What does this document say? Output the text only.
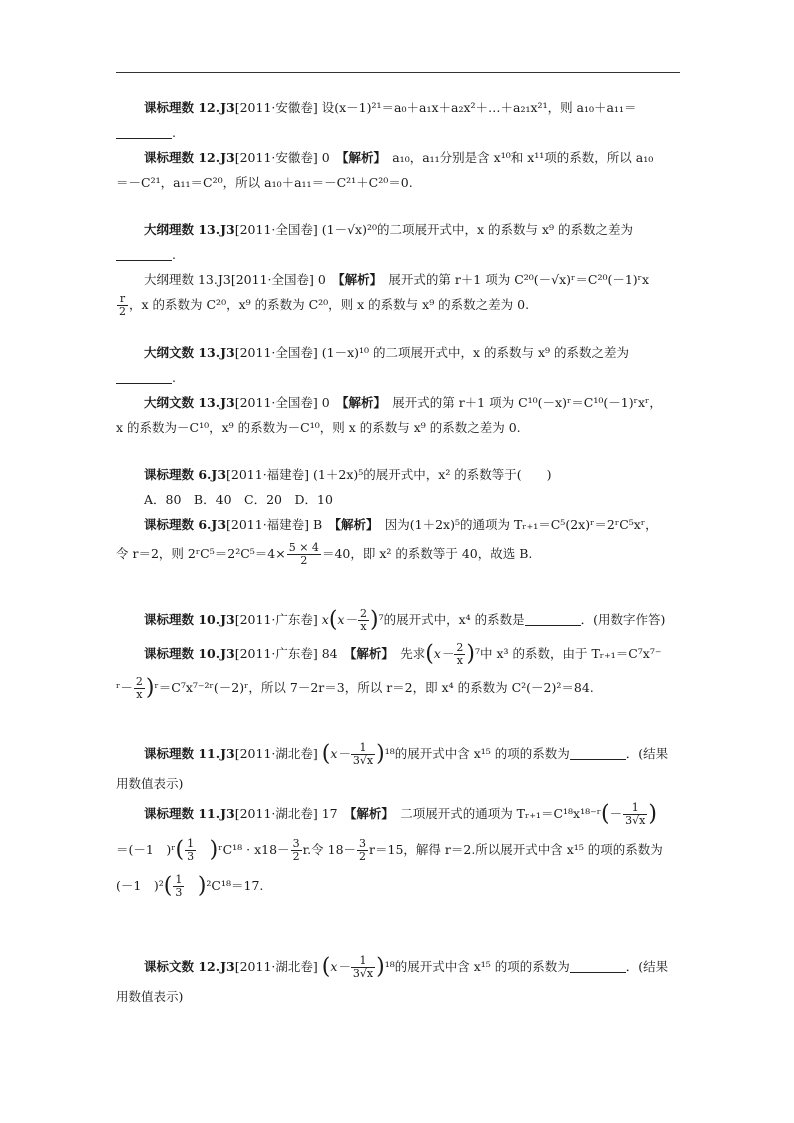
课标理数 12.J3[2011·安徽卷] 设(x－1)²¹＝a₀＋a₁x＋a₂x²＋…＋a₂₁x²¹，则 a₁₀＋a₁₁＝
.
课标理数 12.J3[2011·安徽卷] 0　 【解析】　 a₁₀，a₁₁分别是含 x¹⁰和 x¹¹项的系数，所以 a₁₀
＝－C²¹，a₁₁＝C²⁰，所以 a₁₀＋a₁₁＝－C²¹＋C²⁰＝0.
大纲理数 13.J3[2011·全国卷] (1－√x)²⁰的二项展开式中，x 的系数与 x⁹ 的系数之差为
.
大纲理数 13.J3[2011·全国卷] 0　 【解析】　 展开式的第 r＋1 项为 C²⁰(－√x)ʳ＝C²⁰(－1)ʳx
$\frac{r}{2}$ ，x 的系数为 C²⁰，x⁹ 的系数为 C²⁰，则 x 的系数与 x⁹ 的系数之差为 0.
大纲文数 13.J3[2011·全国卷] (1－x)¹⁰ 的二项展开式中，x 的系数与 x⁹ 的系数之差为
.
大纲文数 13.J3[2011·全国卷] 0　 【解析】　 展开式的第 r＋1 项为 C¹⁰(－x)ʳ＝C¹⁰(－1)ʳxʳ，
x 的系数为－C¹⁰，x⁹ 的系数为－C¹⁰，则 x 的系数与 x⁹ 的系数之差为 0.
课标理数 6.J3[2011·福建卷] (1＋2x)⁵的展开式中，x² 的系数等于(　　)
A．80　B．40　C．20　D．10
课标理数 6.J3[2011·福建卷] B　 【解析】　 因为(1＋2x)⁵的通项为 Tᵣ₊₁＝C⁵(2x)ʳ＝2ʳC⁵xʳ，
令 r＝2，则 2ʳC⁵＝2²C⁵＝4× $\frac{5 \times 4}{2} =40$，即 x² 的系数等于 40，故选 B.
课标理数 10.J3[2011·广东卷] $x(x- \frac{2}{x} )^7$的展开式中，x⁴ 的系数是	．(用数字作答)
课标理数 10.J3[2011·广东卷] 84　 【解析】　 先求$(x- \frac{2}{x} )^7$中 x³ 的系数，由于 Tᵣ₊₁＝C⁷x⁷⁻
ʳ－ $\frac{2}{x}$ )ʳ＝C⁷x⁷⁻²ʳ(－2)ʳ，所以 7－2r＝3，所以 r＝2，即 x⁴ 的系数为 C²(－2)²＝84.
课标理数 11.J3[2011·湖北卷] $(x- \frac{1}{3√x} )^{18}$的展开式中含 x¹⁵ 的项的系数为	．(结果
用数值表示)
课标理数 11.J3[2011·湖北卷] 17　 【解析】　 二项展开式的通项为 Tᵣ₊₁＝C¹⁸x¹⁸⁻ʳ(－ $\frac{1}{3√x}$ )
＝(－1　)ʳ( $\frac{1}{3}$
　 )ʳC¹⁸ · $x18- \frac{3}{2} r$.令 $18- \frac{3}{2} r=15$，解得 r＝2.所以展开式中含 x¹⁵ 的项的系数为
(－1　)$^2( \frac{1}{3}$
　 )²C¹⁸＝17.
课标文数 12.J3[2011·湖北卷] $(x- \frac{1}{3√x} )^{18}$的展开式中含 x¹⁵ 的项的系数为	．(结果
用数值表示)
